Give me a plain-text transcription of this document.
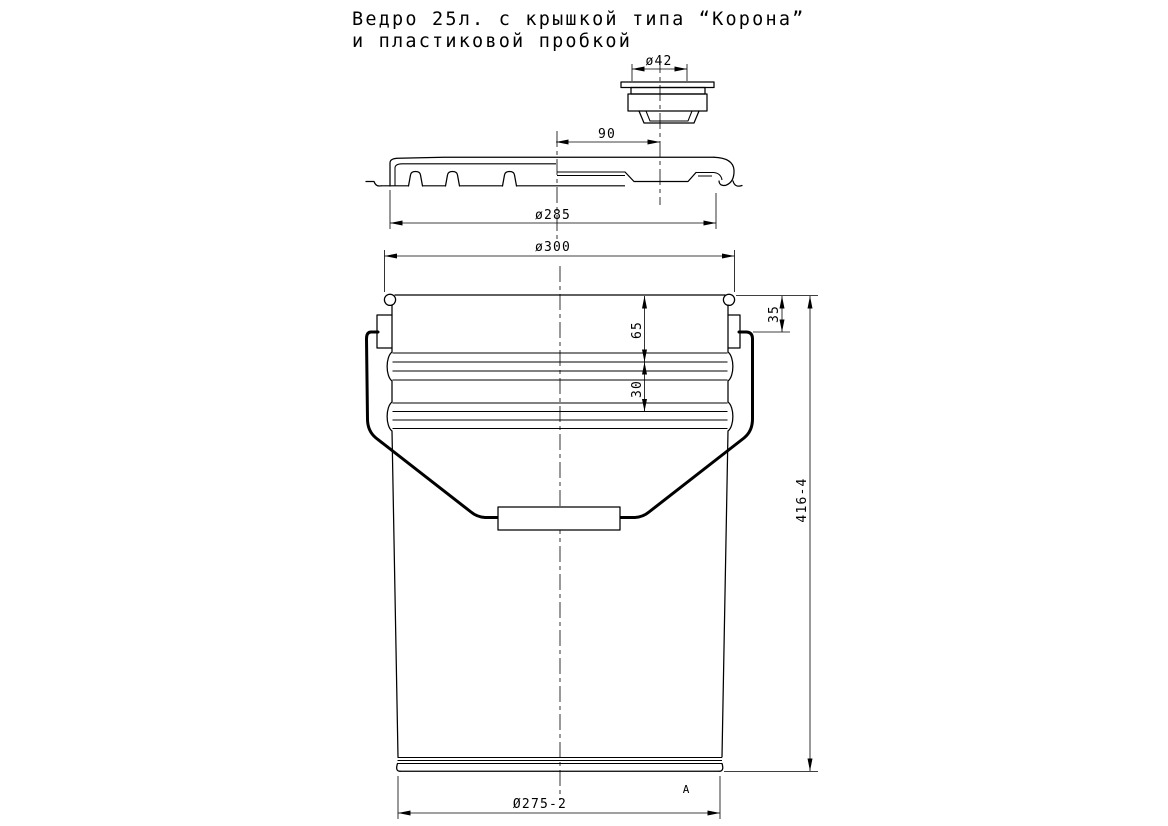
Ведро 25л. с крышкой типа “Корона”
и пластиковой пробкой
ø42
90
ø285
ø300
65
30
35
416-4
Ø275-2
A
